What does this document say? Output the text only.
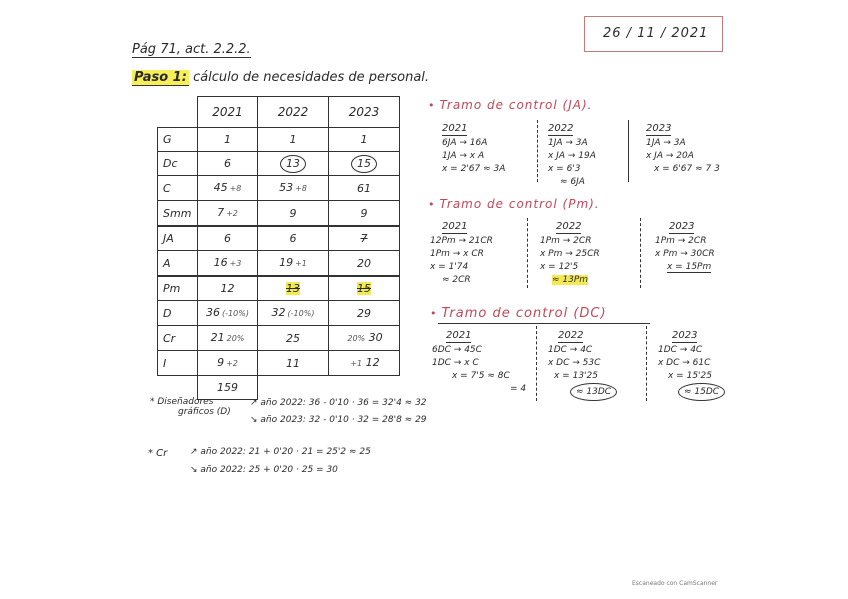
26 / 11 / 2021
Pág 71, act. 2.2.2.
Paso 1: cálculo de necesidades de personal.
	2021	2022	2023
G	1	1	1
Dc	6	13	15
C	45 +8	53 +8	61
Smm	7 +2	9	9
JA	6	6	7
A	16 +3	19 +1	20
Pm	12	13	15
D	36 (-10%)	32 (-10%)	29
Cr	21 20%	25	20% 30
I	9 +2	11	+1 12
	159		
• Tramo de control (JA).
2021
6JA → 16A
1JA → x A
x = 2'67 ≈ 3A
2022
1JA → 3A
x JA → 19A
x = 6'3
≈ 6JA
2023
1JA → 3A
x JA → 20A
x = 6'67 ≈ 7 3
• Tramo de control (Pm).
2021
12Pm → 21CR
1Pm → x CR
x = 1'74
≈ 2CR
2022
1Pm → 2CR
x Pm → 25CR
x = 12'5
≈ 13Pm
2023
1Pm → 2CR
x Pm → 30CR
x = 15Pm
• Tramo de control (DC)
2021
6DC → 45C
1DC → x C
x = 7'5 ≈ 8C
= 4
2022
1DC → 4C
x DC → 53C
x = 13'25
≈ 13DC
2023
1DC → 4C
x DC → 61C
x = 15'25
≈ 15DC
* Diseñadores
gráficos (D)
↗ año 2022: 36 - 0'10 · 36 = 32'4 ≈ 32
↘ año 2023: 32 - 0'10 · 32 = 28'8 ≈ 29
* Cr	↗ año 2022: 21 + 0'20 · 21 = 25'2 ≈ 25
↘ año 2022: 25 + 0'20 · 25 = 30
Escaneado con CamScanner
